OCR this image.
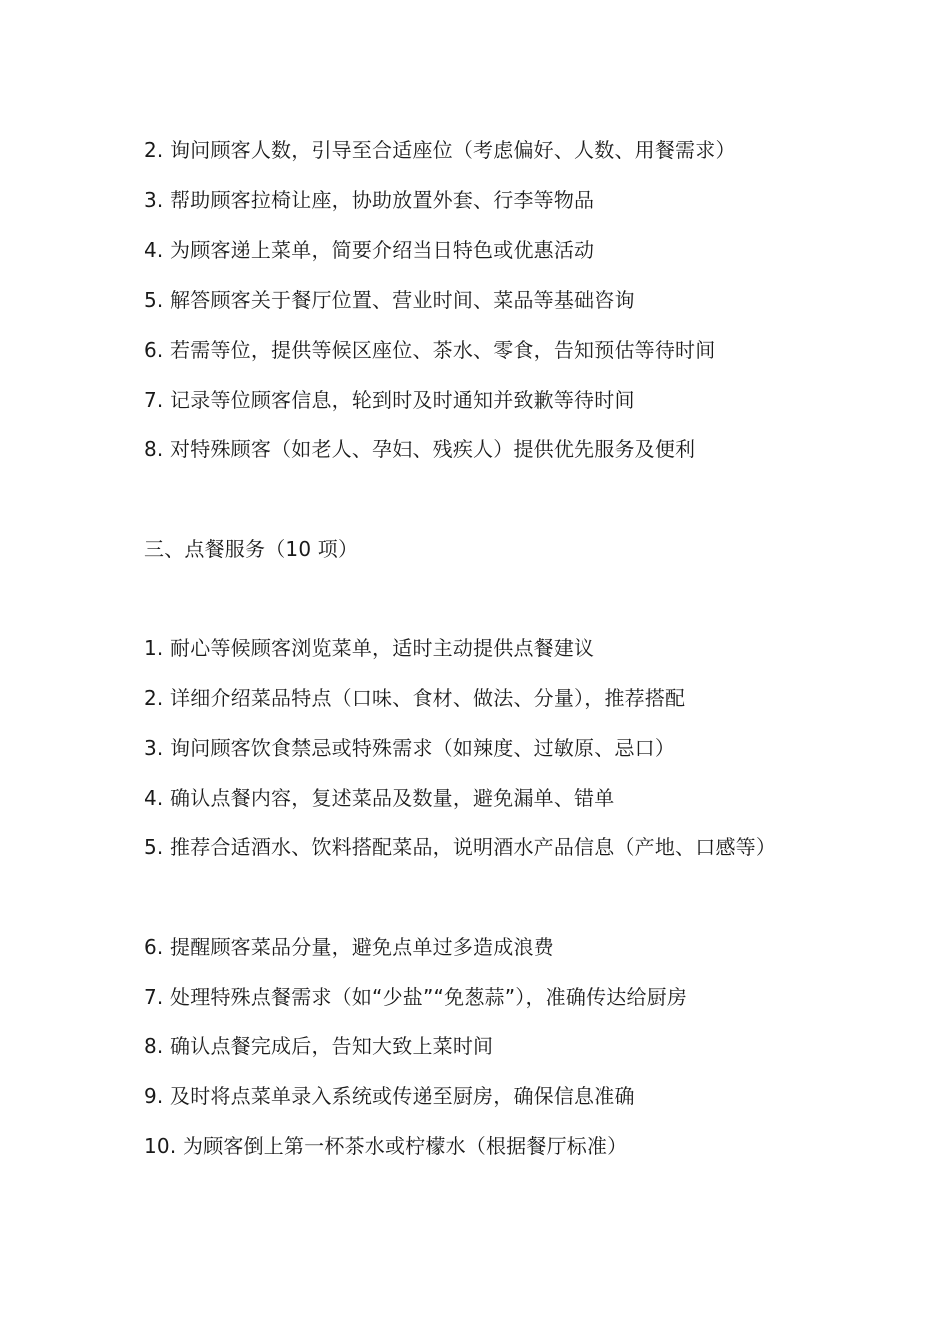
2. 询问顾客人数，引导至合适座位（考虑偏好、人数、用餐需求）
3. 帮助顾客拉椅让座，协助放置外套、行李等物品
4. 为顾客递上菜单，简要介绍当日特色或优惠活动
5. 解答顾客关于餐厅位置、营业时间、菜品等基础咨询
6. 若需等位，提供等候区座位、茶水、零食，告知预估等待时间
7. 记录等位顾客信息，轮到时及时通知并致歉等待时间
8. 对特殊顾客（如老人、孕妇、残疾人）提供优先服务及便利
三、点餐服务（10 项）
1. 耐心等候顾客浏览菜单，适时主动提供点餐建议
2. 详细介绍菜品特点（口味、食材、做法、分量），推荐搭配
3. 询问顾客饮食禁忌或特殊需求（如辣度、过敏原、忌口）
4. 确认点餐内容，复述菜品及数量，避免漏单、错单
5. 推荐合适酒水、饮料搭配菜品，说明酒水产品信息（产地、口感等）
6. 提醒顾客菜品分量，避免点单过多造成浪费
7. 处理特殊点餐需求（如“少盐”“免葱蒜”），准确传达给厨房
8. 确认点餐完成后，告知大致上菜时间
9. 及时将点菜单录入系统或传递至厨房，确保信息准确
10. 为顾客倒上第一杯茶水或柠檬水（根据餐厅标准）
